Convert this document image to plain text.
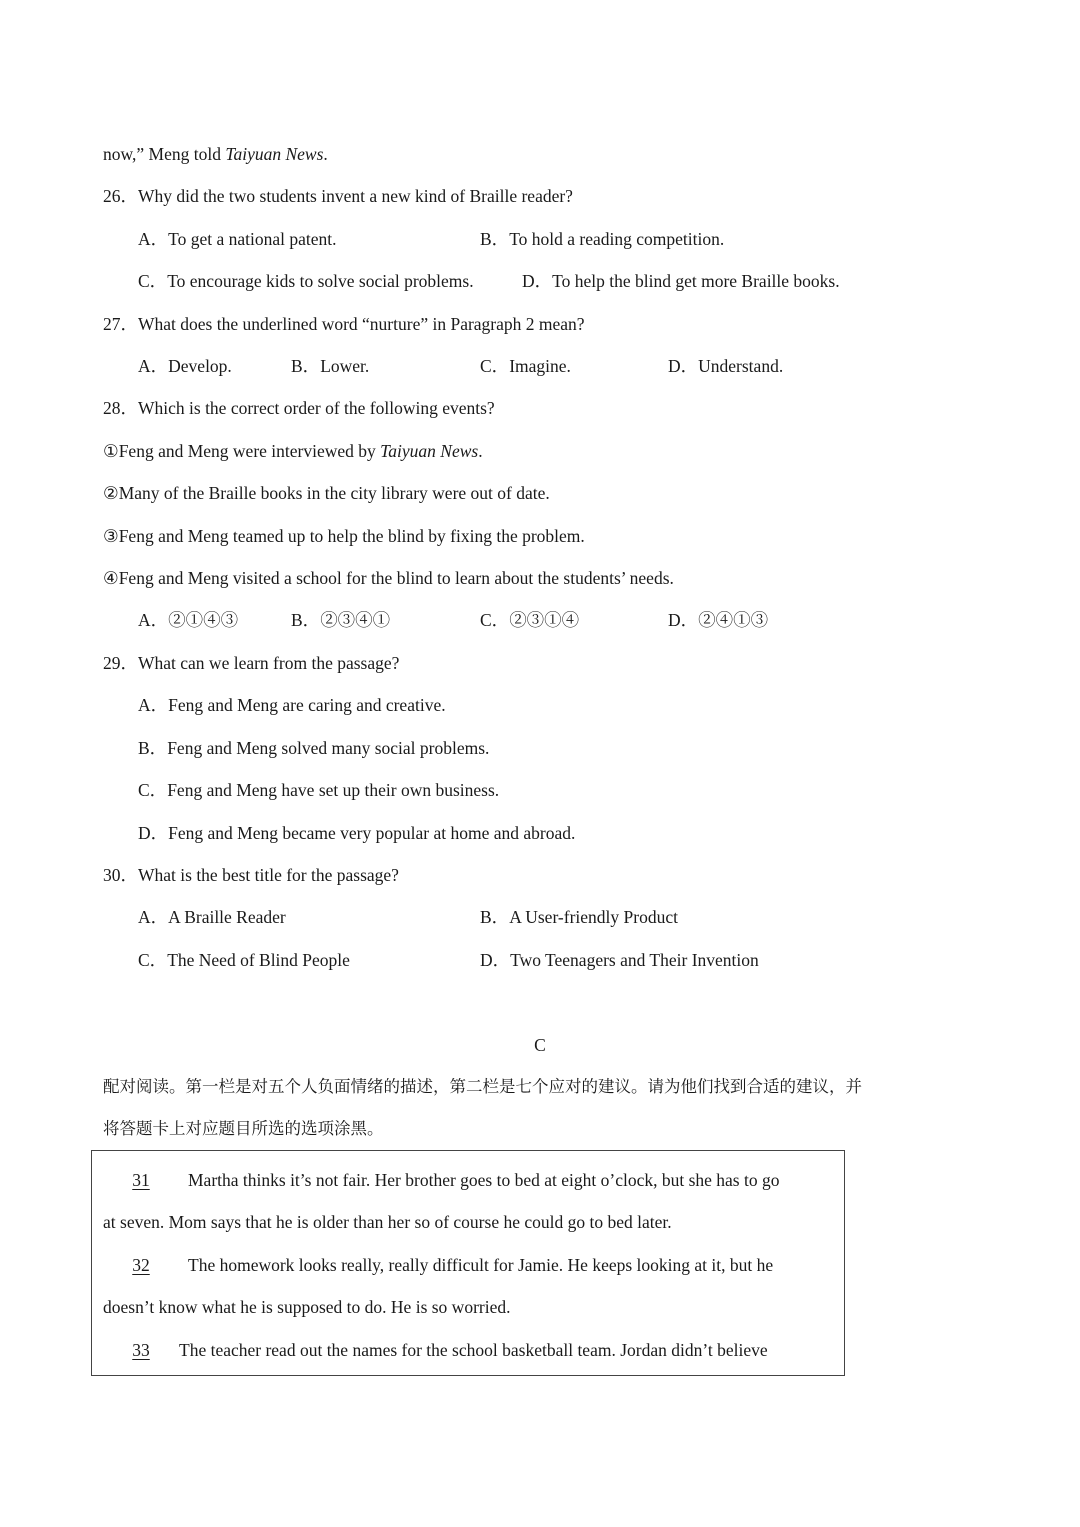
now,” Meng told Taiyuan News.
26．Why did the two students invent a new kind of Braille reader?
A．To get a national patent.	B．To hold a reading competition.
C．To encourage kids to solve social problems.	D．To help the blind get more Braille books.
27．What does the underlined word “nurture” in Paragraph 2 mean?
A．Develop.	B．Lower.	C．Imagine.	D．Understand.
28．Which is the correct order of the following events?
①Feng and Meng were interviewed by Taiyuan News.
②Many of the Braille books in the city library were out of date.
③Feng and Meng teamed up to help the blind by fixing the problem.
④Feng and Meng visited a school for the blind to learn about the students’ needs.
A．②①④③	B．②③④①	C．②③①④	D．②④①③
29．What can we learn from the passage?
A．Feng and Meng are caring and creative.
B．Feng and Meng solved many social problems.
C．Feng and Meng have set up their own business.
D．Feng and Meng became very popular at home and abroad.
30．What is the best title for the passage?
A．A Braille Reader	B．A User-friendly Product
C．The Need of Blind People	D．Two Teenagers and Their Invention
C
配对阅读。第一栏是对五个人负面情绪的描述，第二栏是七个应对的建议。请为他们找到合适的建议，并
将答题卡上对应题目所选的选项涂黑。
31 Martha thinks it’s not fair. Her brother goes to bed at eight o’clock, but she has to go
at seven. Mom says that he is older than her so of course he could go to bed later.
32 The homework looks really, really difficult for Jamie. He keeps looking at it, but he
doesn’t know what he is supposed to do. He is so worried.
33 The teacher read out the names for the school basketball team. Jordan didn’t believe
